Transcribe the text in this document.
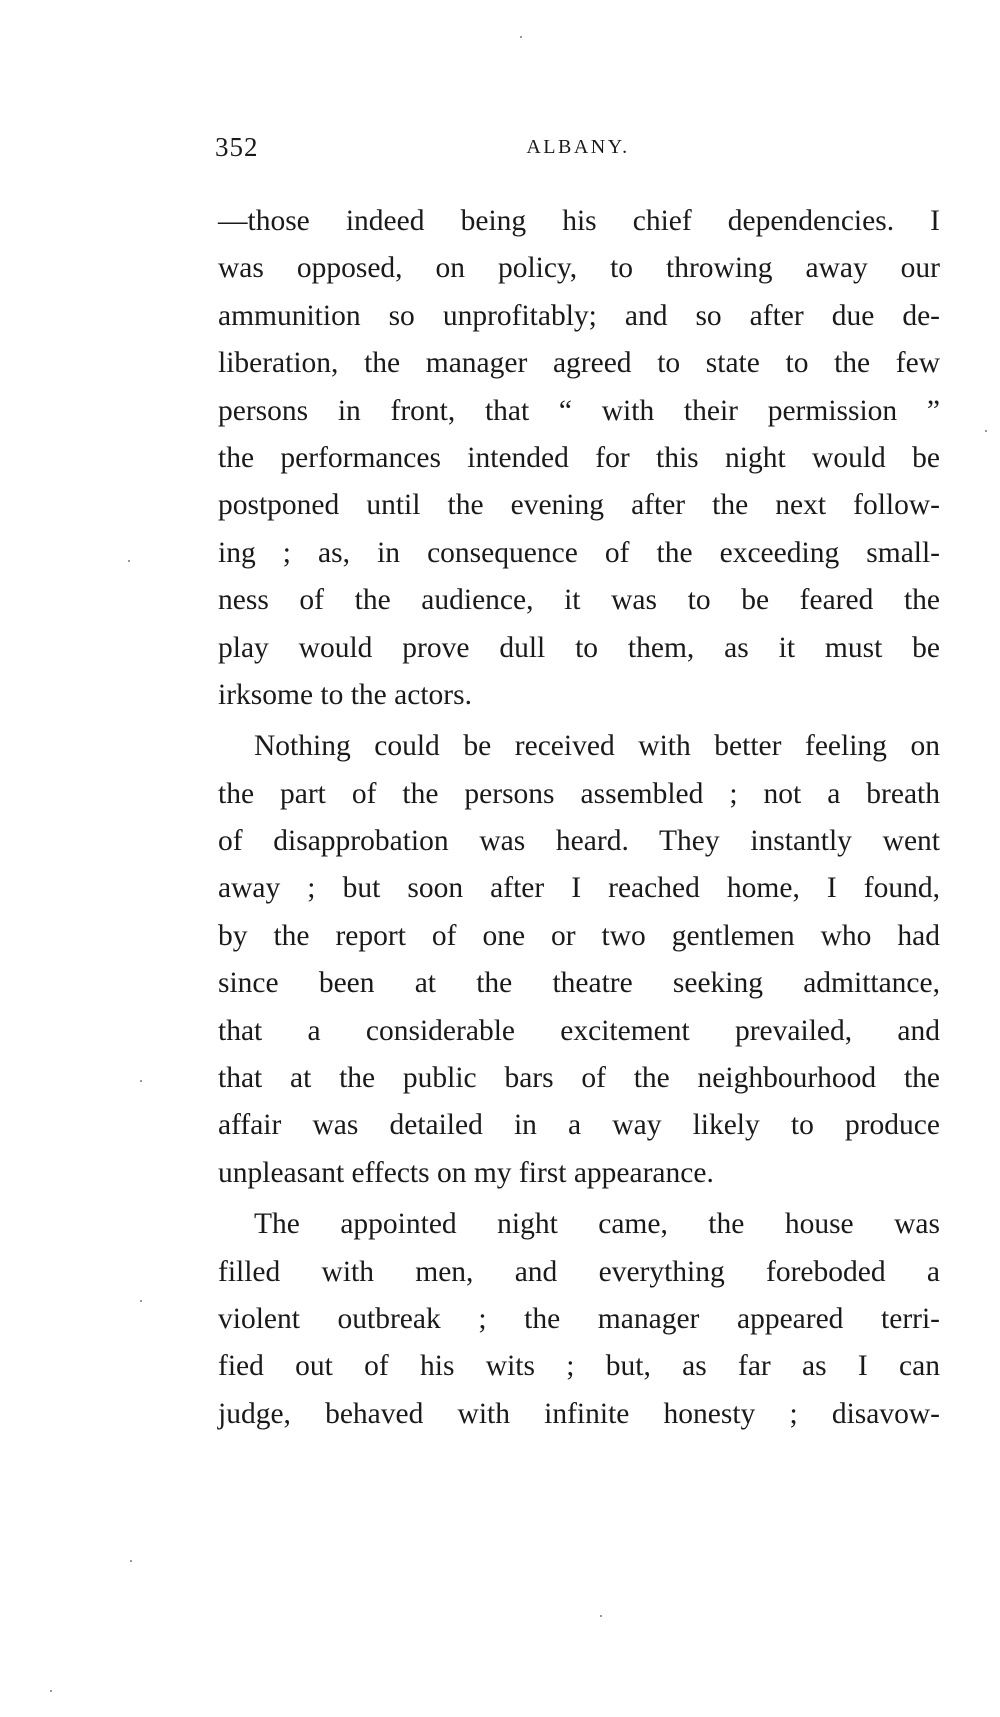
352	ALBANY.
—those indeed being his chief dependencies. I
was opposed, on policy, to throwing away our
ammunition so unprofitably; and so after due de-
liberation, the manager agreed to state to the few
persons in front, that “ with their permission ”
the performances intended for this night would be
postponed until the evening after the next follow-
ing ; as, in consequence of the exceeding small-
ness of the audience, it was to be feared the
play would prove dull to them, as it must be
irksome to the actors.
Nothing could be received with better feeling on
the part of the persons assembled ; not a breath
of disapprobation was heard. They instantly went
away ; but soon after I reached home, I found,
by the report of one or two gentlemen who had
since been at the theatre seeking admittance,
that a considerable excitement prevailed, and
that at the public bars of the neighbourhood the
affair was detailed in a way likely to produce
unpleasant effects on my first appearance.
The appointed night came, the house was
filled with men, and everything foreboded a
violent outbreak ; the manager appeared terri-
fied out of his wits ; but, as far as I can
judge, behaved with infinite honesty ; disavow-
